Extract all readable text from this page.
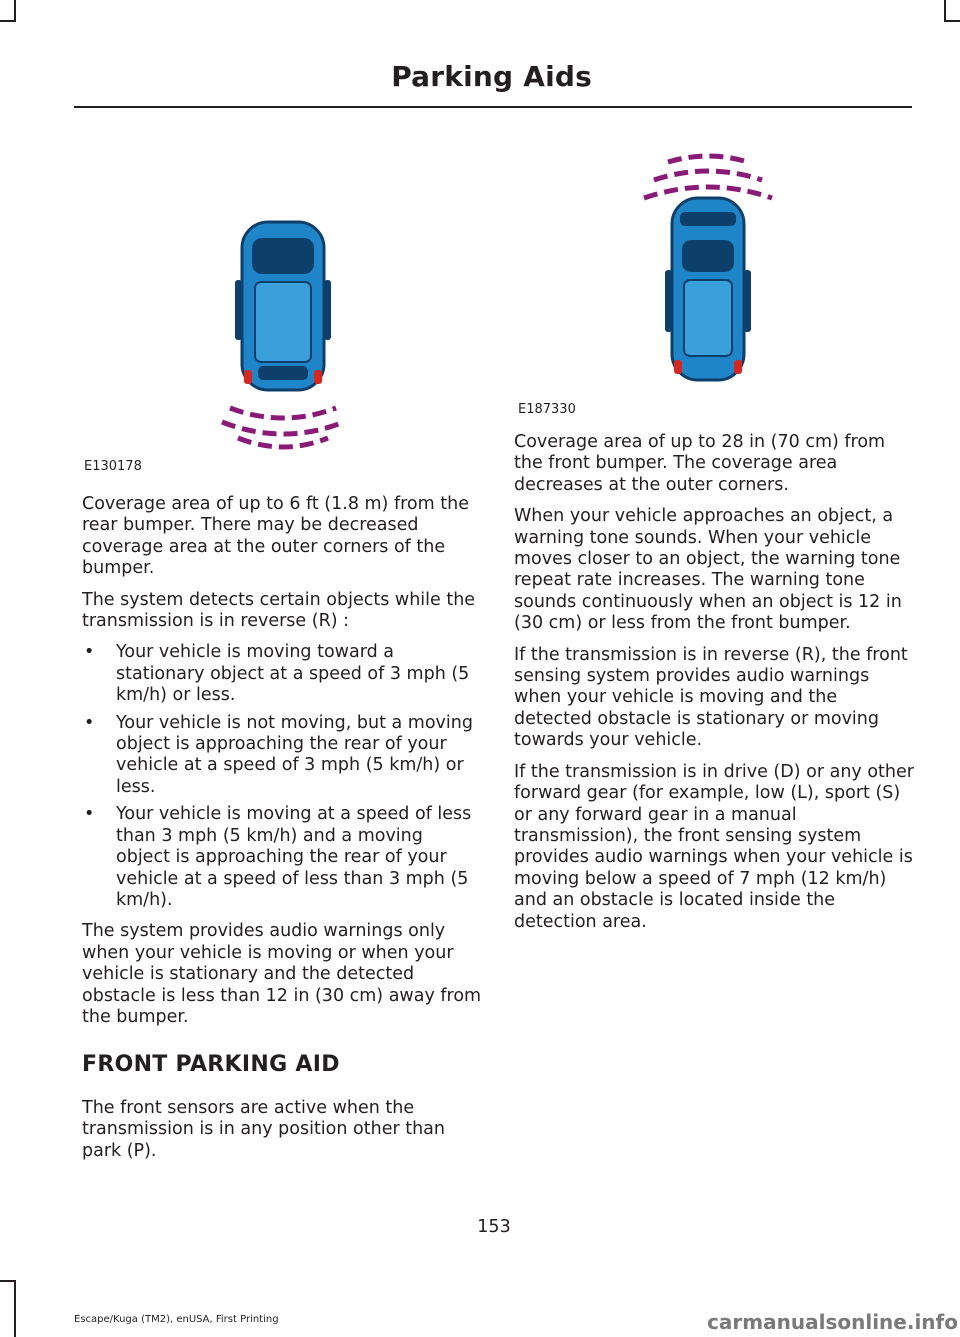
Parking Aids
E130178
E187330

Coverage area of up to 6 ft (1.8 m) from the rear bumper. There may be decreased coverage area at the outer corners of the bumper.

The system detects certain objects while the transmission is in reverse (R) :

• Your vehicle is moving toward a stationary object at a speed of 3 mph (5 km/h) or less.
• Your vehicle is not moving, but a moving object is approaching the rear of your vehicle at a speed of 3 mph (5 km/h) or less.
• Your vehicle is moving at a speed of less than 3 mph (5 km/h) and a moving object is approaching the rear of your vehicle at a speed of less than 3 mph (5 km/h).

The system provides audio warnings only when your vehicle is moving or when your vehicle is stationary and the detected obstacle is less than 12 in (30 cm) away from the bumper.

FRONT PARKING AID

The front sensors are active when the transmission is in any position other than park (P).

Coverage area of up to 28 in (70 cm) from the front bumper. The coverage area decreases at the outer corners.

When your vehicle approaches an object, a warning tone sounds. When your vehicle moves closer to an object, the warning tone repeat rate increases. The warning tone sounds continuously when an object is 12 in (30 cm) or less from the front bumper.

If the transmission is in reverse (R), the front sensing system provides audio warnings when your vehicle is moving and the detected obstacle is stationary or moving towards your vehicle.

If the transmission is in drive (D) or any other forward gear (for example, low (L), sport (S) or any forward gear in a manual transmission), the front sensing system provides audio warnings when your vehicle is moving below a speed of 7 mph (12 km/h) and an obstacle is located inside the detection area.

153
Escape/Kuga (TM2), enUSA, First Printing	carmanualsonline.info
